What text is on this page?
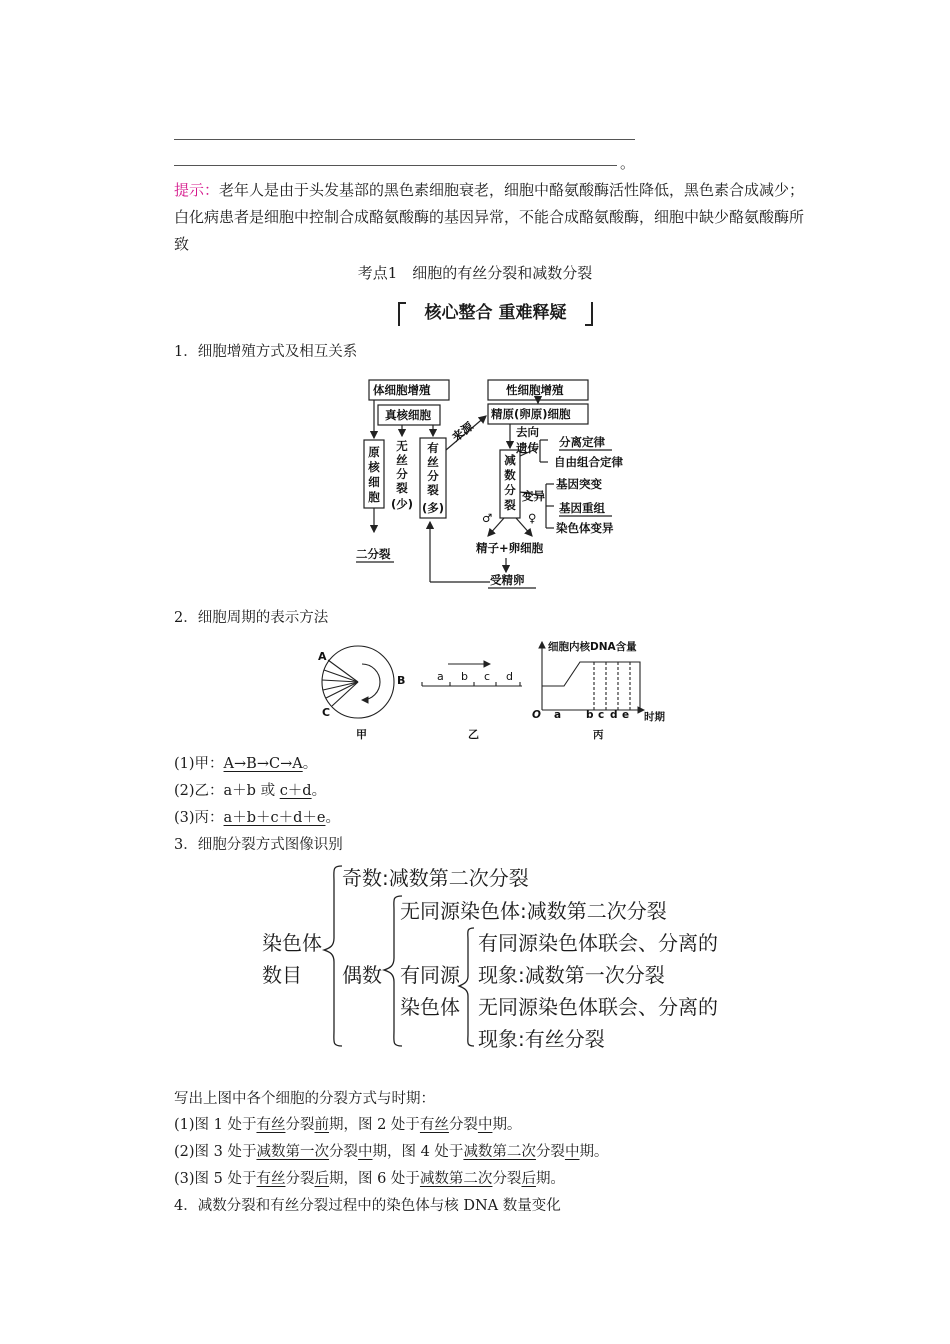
。
提示：老年人是由于头发基部的黑色素细胞衰老，细胞中酪氨酸酶活性降低，黑色素合成减少；白化病患者是细胞中控制合成酪氨酸酶的基因异常，不能合成酪氨酸酶，细胞中缺少酪氨酸酶所致
考点1　细胞的有丝分裂和减数分裂
核心整合 重难释疑
1．细胞增殖方式及相互关系
体细胞增殖
真核细胞
性细胞增殖
精原(卵原)细胞
来源	去向
遗传 分离定律
自由组合定律
变异
基因突变
基因重组
染色体变异
♂	♀
精子+卵细胞
受精卵
二分裂
原核细胞
无丝分裂(少)
有丝分裂(多)
减数分裂
2．细胞周期的表示方法
A
B
C
甲
a b c d
乙
细胞内核DNA含量
O a b c d e 时期
丙
(1)甲：A→B→C→A。
(2)乙：a＋b 或 c＋d。
(3)丙：a＋b＋c＋d＋e。
3．细胞分裂方式图像识别
染色体
数目
奇数:减数第二次分裂
偶数
无同源染色体:减数第二次分裂
有同源
染色体
有同源染色体联会、分离的
现象:减数第一次分裂
无同源染色体联会、分离的
现象:有丝分裂
写出上图中各个细胞的分裂方式与时期：
(1)图 1 处于有丝分裂前期，图 2 处于有丝分裂中期。
(2)图 3 处于减数第一次分裂中期，图 4 处于减数第二次分裂中期。
(3)图 5 处于有丝分裂后期，图 6 处于减数第二次分裂后期。
4．减数分裂和有丝分裂过程中的染色体与核 DNA 数量变化
